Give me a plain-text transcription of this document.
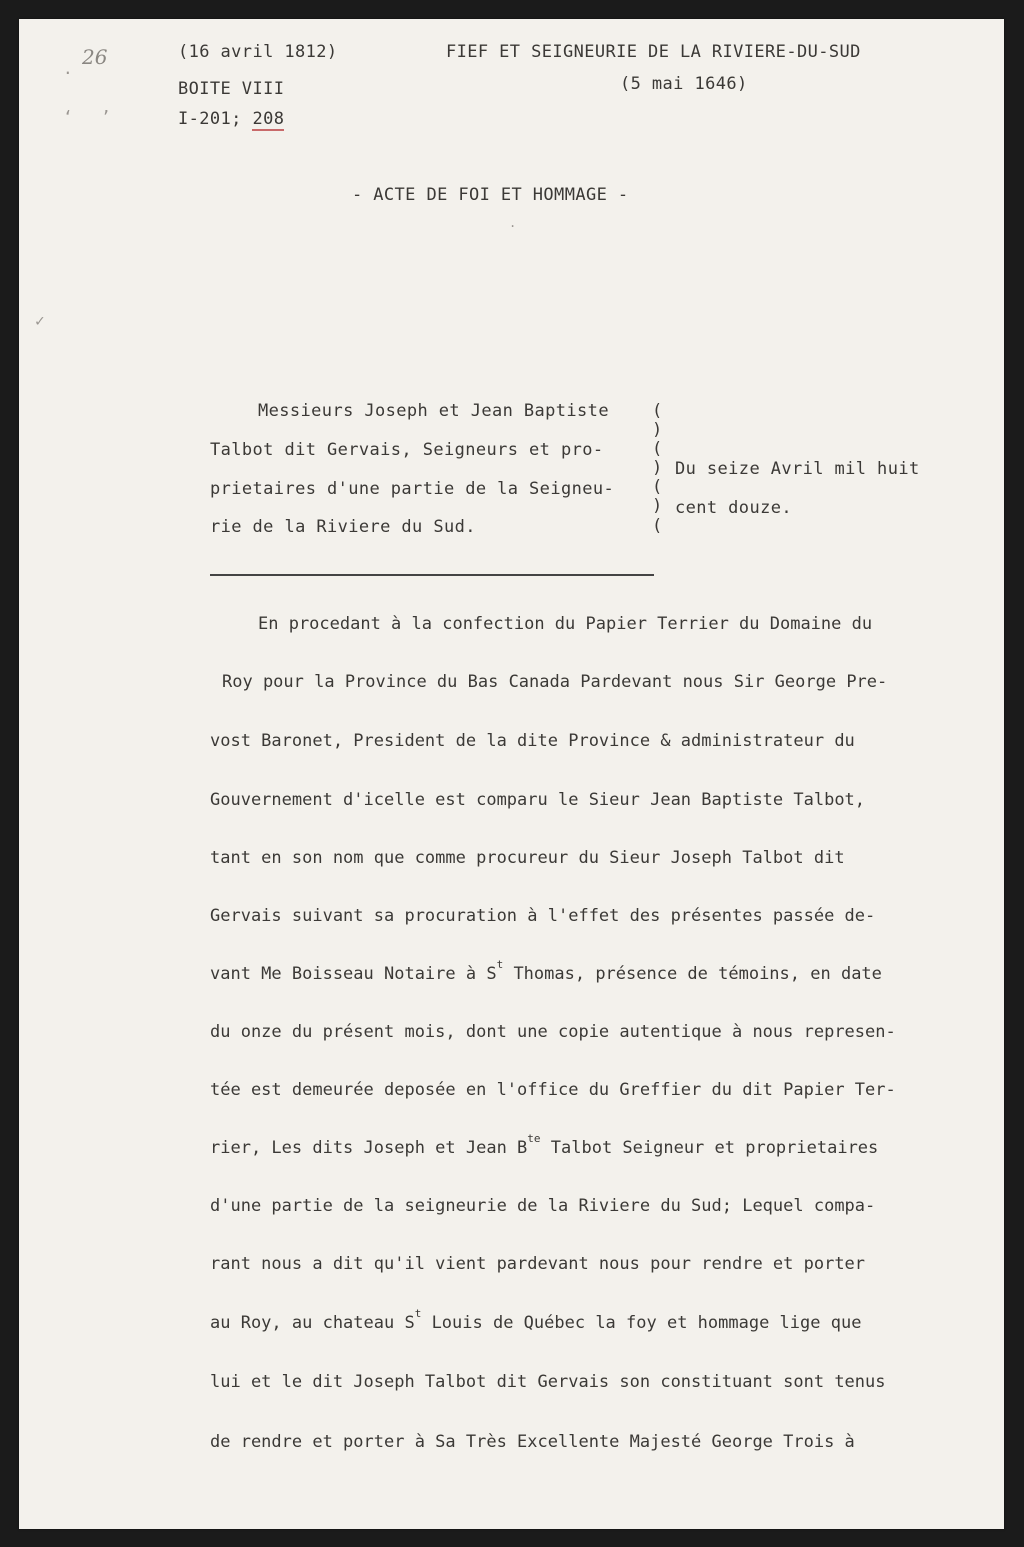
. 26
‘ ’
✓
(16 avril 1812)
BOITE VIII
I-201; 208
FIEF ET SEIGNEURIE DE LA RIVIERE-DU-SUD
(5 mai 1646)
- ACTE DE FOI ET HOMMAGE -
.
Messieurs Joseph et Jean Baptiste
Talbot dit Gervais, Seigneurs et pro-
prietaires d'une partie de la Seigneu-
rie de la Riviere du Sud.
(
)
(
)
(
)
(
Du seize Avril mil huit
cent douze.
En procedant à la confection du Papier Terrier du Domaine du
Roy pour la Province du Bas Canada Pardevant nous Sir George Pre-
vost Baronet, President de la dite Province & administrateur du
Gouvernement d'icelle est comparu le Sieur Jean Baptiste Talbot,
tant en son nom que comme procureur du Sieur Joseph Talbot dit
Gervais suivant sa procuration à l'effet des présentes passée de-
vant Me Boisseau Notaire à $S^t$ Thomas, présence de témoins, en date
du onze du présent mois, dont une copie autentique à nous represen-
tée est demeurée deposée en l'office du Greffier du dit Papier Ter-
rier, Les dits Joseph et Jean $B^{te}$ Talbot Seigneur et proprietaires
d'une partie de la seigneurie de la Riviere du Sud; Lequel compa-
rant nous a dit qu'il vient pardevant nous pour rendre et porter
au Roy, au chateau $S^t$ Louis de Québec la foy et hommage lige que
lui et le dit Joseph Talbot dit Gervais son constituant sont tenus
de rendre et porter à Sa Très Excellente Majesté George Trois à
